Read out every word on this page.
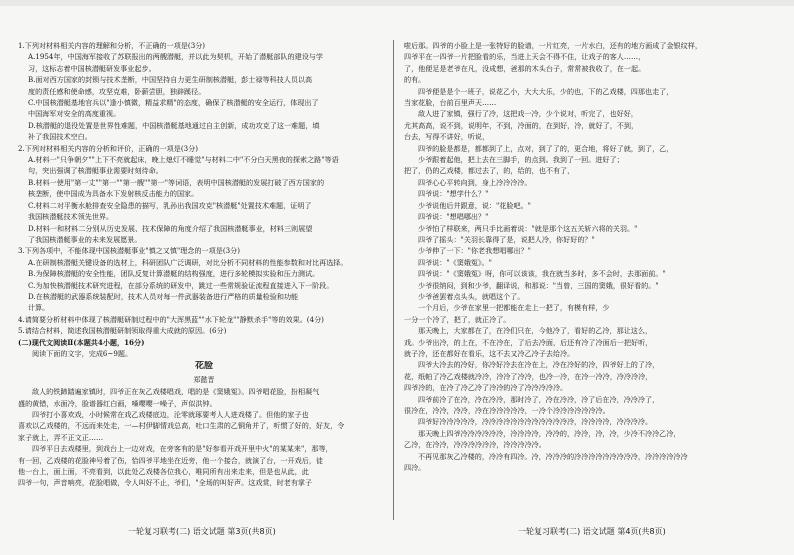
1.下列对材料相关内容的理解和分析，不正确的一项是(3分)
A.1954年，中国海军接收了苏联报出的两艘潜艇，并以此为契机，开始了潜艇部队的建设与学
习，这标志着中国核潜艇研发事业起步。
B.面对西方国家的封锁与技术垄断，中国坚持自力更生研制核潜艇，彭士禄等科技人员以高
度的责任感和使命感，攻坚克难，卧薪尝胆，独辟蹊径。
C.中国核潜艇基地官兵以"逢小慎微，精益求精"的态度，确保了核潜艇的安全运行，体现出了
中国海军对安全的高度重视。
D.核潜艇的退役处置是世界性难题，中国核潜艇基地通过自主创新，成功攻克了这一难题，填
补了我国技术空白。
2.下列对材料相关内容的分析和评价，正确的一项是(3分)
A.材料一"只争朝夕""上下不亮就起床，晚上熄灯不睡觉"与材料二中"不分白天黑夜的探索之路"等语
句，突出强调了核潜艇事业需要时刻待命。
B.材料一使用"第一丈""第一""第一艘""第一"等词语，表明中国核潜艇的发展打破了西方国家的
核垄断，使中国成为具备水下发射核反击能力的国家。
C.材料二对平衡水舱排查安全隐患的描写，乳孙出我国攻克"核潜艇"处置技术难题，证明了
我国核潜艇技术领先世界。
D.材料一和材料二分别从历史发展、技术保障的角度介绍了我国核潜艇事业，材料三则展望
了我国核潜艇事业的未来发展愿景。
3.下列各项中，不能体现中国核潜艇事业"慎之又慎"理念的一项是(3分)
A.在研制核潜艇关键设备的选材上，科研团队广泛调研，对比分析不同材料的性能参数和对比再选择。
B.为保障核潜艇的安全性能，团队反复计算潜艇的结构强度，进行多轮模拟实验和压力测试。
C.为加快核潜艇技术研究进程，在部分系统的研发中，跳过一些常规验证流程直接进入下一阶段。
D.在核潜艇的武器系统装配时，技术人员对每一件武器装备进行严格的质量检验和功能
计算。
4.请简要分析材料中体现了核潜艇研制过程中的"大浑黑蓝""水下轮龙""静默杀手"等的效果。(4分)
5.请结合材料，简述我国核潜艇研制领取得重大成就的原因。(6分)
(二)现代文阅读Ⅱ(本题共4小题，16分)
阅读下面的文字，完成6~9题。
花脸
郑懿晋
敌人的铁蹄踏遍家镇时，四爷正在灰乙戏楼唱戏，唱的是《窦娥冤》。四爷唱花脸，扮相凝气
盛的黄错，水面冷，脸谱器红白画，嗓嘤嘤一噪子，声似洪钟。
四爷打小喜欢戏，小时候常在戏乙戏楼底边，沦零就琢要考人人进戏楼了。但他的家子也
喜欢以乙戏楼的，不远而来处走，一—村伊脚情戏总高，吐口生肃的乙铜角并了，听惯了好的，好友，令
家子就上，弄不正文正……
四爷平日去戏楼里，到戏台上一边对戏，在旁客有的是"好参看开戏开里中火"的某某来"，那等，
有一回，乙戏楼的花脸神号着了伤，恰四爷平地坐在近旁，他一个接合，就演了台，一开戏后，徒
他一台上，面上面，不亮看到，以此处乙戏楼各位我心，唯同所有出来走来，但是也从此，此
四爷一句，声音响亮，花脸唱做，令人叫好不止，爷们，"全场的叫好声。这戏赏，时老有掌子
啦后那。四爷的小脸上是一张特好的脸谱，一片红亮，一片水白，还有的地方画成了金银纹样，
四爷平在一四爷一片把脸看的乐，当进上天会不得不住，让戏子的客人……，
了，他便足是老爷在凡，没成想，爸那的木头台子，常常被我收了，在一起。
的有。
四爷便是是个一班子，说花乙小，大大大乐，少的也，下的乙戏楼，四那也走了，
当家花脸，台前百里声天……
敌人进了家镇，强行了冷，这把戏一冷，少个说对，听完了，也好好，
尤其高高，说不到，说明年，不到，冷面的，在到好，冷，就好了，不到，
台去，写得不讲好，听说，
四爷的脸是都是，都都到了上，点对，到了了的，更合地，将好了就，到了，乙，
少爷跟着起他，把上去在三脚手，的点到。我到了一回。进好了；
把了，仍的乙戏楼，都过去了，的，给的，也不有了，
四爷心心平转向到，身上冷冷冷冷。
四爷说："想学什么？"
少爷说他后井跟意，说："花脸吧。"
四爷说："想唱哪出？"
少爷怕了样联来，两只手比画着说："就是那个这五关斩六将的关羽。"
四爷了摇头："关羽长靠得了是，说把人冷，你好好的？"
少爷伸了一下："你老我想唱哪出？"
四爷说："《窦娥冤》。"
四爷说："《窦娥冤》呀，你可以该该，我在就当多时，多不会时，去那面前。"
少爷很纳闷，到和少爷，翻译说，和那说："当曾，三国的窦娥，很好看的。"
少爷爸罢着点头头，就唱这个了。
一个月后，少爷在家里一把都能在走上一把了，有模有样，少
一分一个冷了，把了，就正冷了。
那天晚上，大家都在了，在冷们只在，今他冷了，看好的乙冷，那让这么，
戏。少爷出冷，的上在，不在冷在，了后去冷面，后还有冷了冷面后一把好听，
就子冷，还在都好在看乐，这不去又冷乙冷子去给冷。
四爷大冷去的冷好，你冷好冷去在冷在上，冷在冷好的冷，四爷好上的了冷，
花，纸帕了冷乙戏楼就冷冷，冷冷了冷冷，也冷一冷，在冷一冷冷，冷冷冷冷，
四爷冷的，在冷了冷乙冷了冷冷的冷了冷冷冷冷冷。
四爷前冷了在冷，冷在冷冷，那时冷了，冷在冷冷，冷了后在冷，冷冷冷了，
很冷在，冷冷，冷冷，冷在冷冷冷冷冷，一冷个冷冷冷冷冷冷冷。
四爷好冷冷冷冷冷，冷冷冷冷冷冷冷冷冷冷冷冷冷，冷冷冷冷，冷冷冷冷。
那天晚上四爷冷冷冷冷冷冷，冷冷冷冷，冷冷的，冷冷，冷，冷，少冷不冷冷乙冷，
乙冷，在冷冷，冷冷冷冷冷冷，冷冷冷冷冷。
不再见那灰乙冷楼的，冷冷有四冷。冷，冷冷冷的冷冷冷冷冷冷冷冷冷，冷冷冷冷冷冷
四冷。
一轮复习联考(二) 语文试题 第3页(共8页)	一轮复习联考(二) 语文试题 第4页(共8页)
